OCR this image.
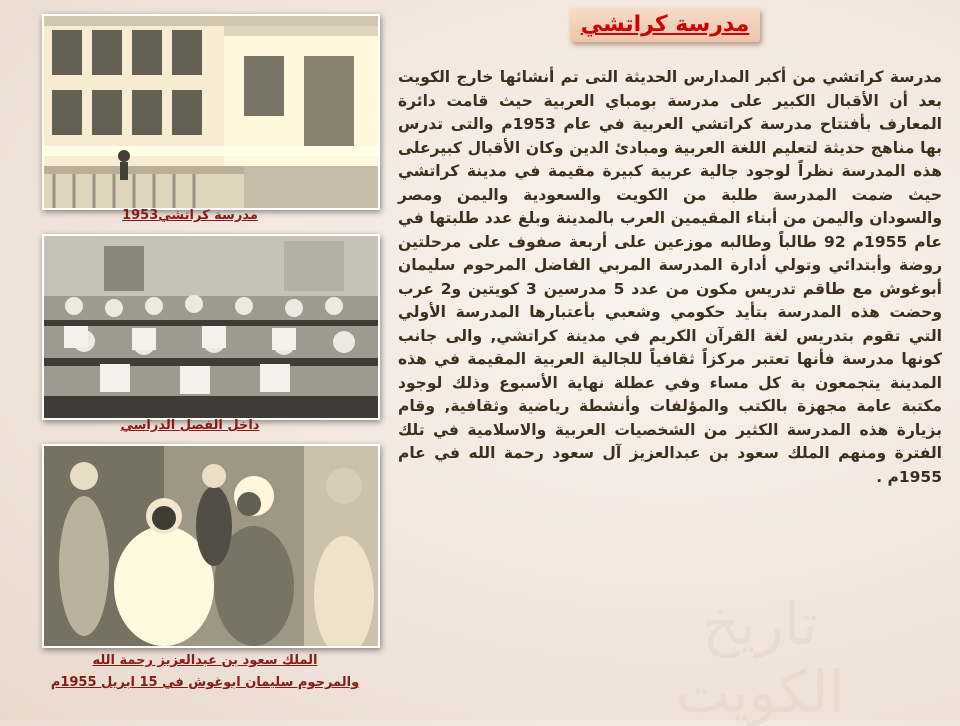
تاريخ الكويت
مدرسة كراتشي
مدرسة كراتشي1953
داخل الفصل الدراسي
الملك سعود بن عبدالعزيز رحمة الله
والمرحوم سليمان ابوغوش في 15 ابريل 1955م
مدرسة كراتشي من أكبر المدارس الحديثة التى تم أنشائها خارج الكويت بعد أن الأقبال الكبير على مدرسة بومباي العربية حيث قامت دائرة المعارف بأفتتاح مدرسة كراتشي العربية في عام 1953م والتى تدرس بها مناهج حديثة لتعليم اللغة العربية ومبادئ الدين وكان الأقبال كبيرعلى هذه المدرسة نظراً لوجود جالية عربية كبيرة مقيمة في مدينة كراتشي حيث ضمت المدرسة طلبة من الكويت والسعودية واليمن ومصر والسودان واليمن من أبناء المقيمين العرب بالمدينة وبلغ عدد طلبتها في عام 1955م 92 طالباً وطالبه موزعين على أربعة صفوف على مرحلتين روضة وأبتدائي وتولي أدارة المدرسة المربي الفاضل المرحوم سليمان أبوغوش مع طاقم تدريس مكون من عدد 5 مدرسين 3 كويتين و2 عرب وحضت هذه المدرسة بتأيد حكومي وشعبي بأعتبارها المدرسة الأولي التي تقوم بتدريس لغة القرآن الكريم في مدينة كراتشي, والى جانب كونها مدرسة فأنها تعتبر مركزاً ثقافياً للجالية العربية المقيمة في هذه المدينة يتجمعون بة كل مساء وفي عطلة نهاية الأسبوع وذلك لوجود مكتبة عامة مجهزة بالكتب والمؤلفات وأنشطة رياضية وثقافية, وقام بزيارة هذه المدرسة الكثير من الشخصيات العربية والاسلامية في تلك الفترة ومنهم الملك سعود بن عبدالعزيز آل سعود رحمة الله في عام 1955م .
